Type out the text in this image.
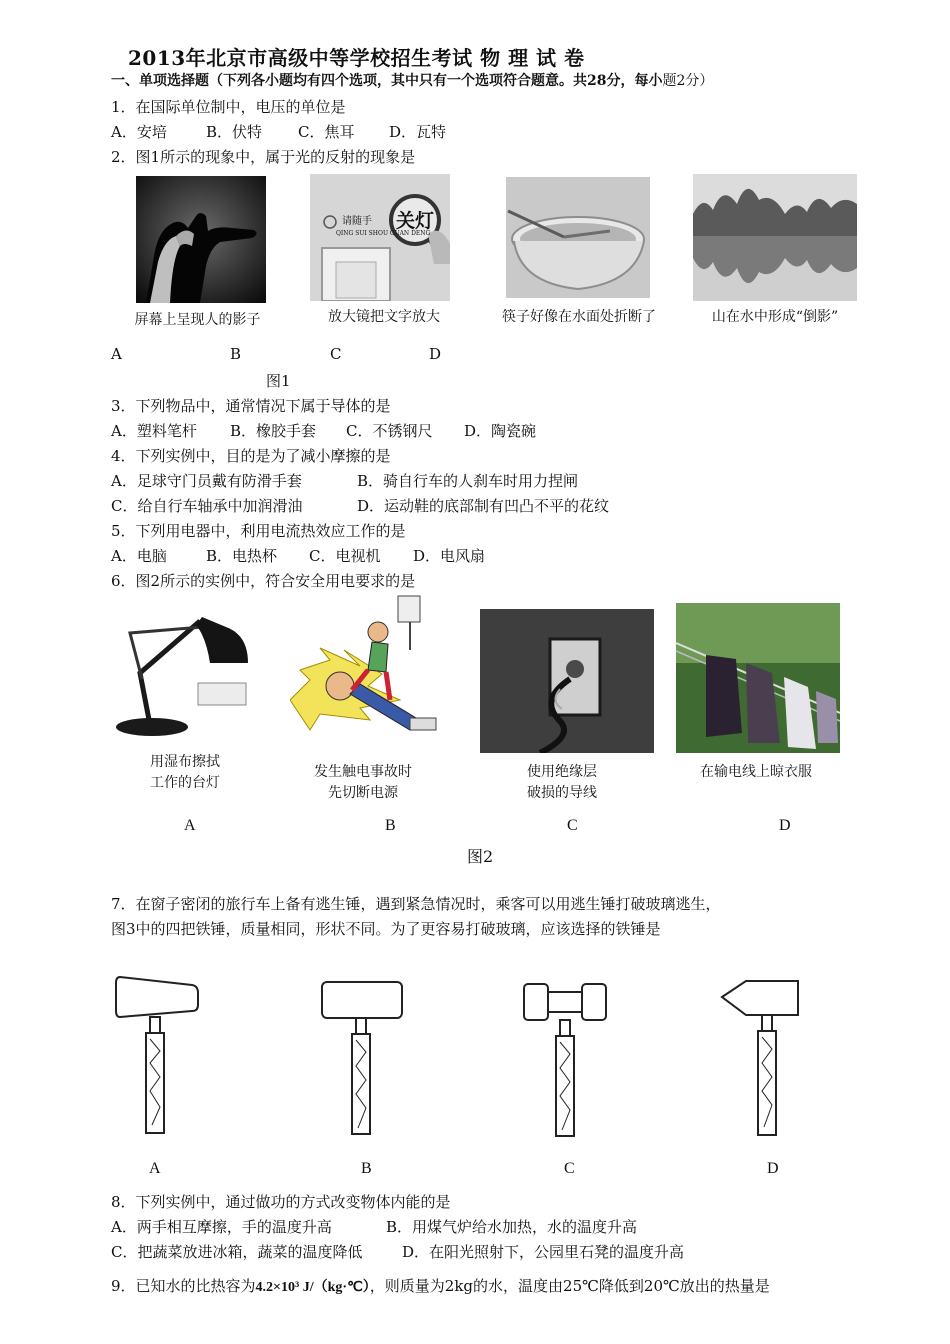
2013年北京市高级中等学校招生考试 物 理 试 卷
一、单项选择题（下列各小题均有四个选项，其中只有一个选项符合题意。共28分，每小题2分）
1．在国际单位制中，电压的单位是
A．安培	B．伏特 C．焦耳 D．瓦特
2．图1所示的现象中，属于光的反射的现象是
请随手 关灯
QING SUI SHOU GUAN DENG
屏幕上呈现人的影子	放大镜把文字放大	筷子好像在水面处折断了	山在水中形成“倒影”
A	B	C	D
图1
3．下列物品中，通常情况下属于导体的是
A．塑料笔杆 B．橡胶手套 C．不锈钢尺 D．陶瓷碗
4．下列实例中，目的是为了减小摩擦的是
A．足球守门员戴有防滑手套	B．骑自行车的人刹车时用力捏闸
C．给自行车轴承中加润滑油	D．运动鞋的底部制有凹凸不平的花纹
5．下列用电器中，利用电流热效应工作的是
A．电脑	B．电热杯 C．电视机 D．电风扇
6．图2所示的实例中，符合安全用电要求的是
用湿布擦拭
工作的台灯
发生触电事故时
先切断电源
使用绝缘层
破损的导线
在输电线上晾衣服
A	B	C	D
图2
7．在窗子密闭的旅行车上备有逃生锤，遇到紧急情况时，乘客可以用逃生锤打破玻璃逃生，
图3中的四把铁锤，质量相同，形状不同。为了更容易打破玻璃，应该选择的铁锤是
A	B	C	D
8．下列实例中，通过做功的方式改变物体内能的是
A．两手相互摩擦，手的温度升高	B．用煤气炉给水加热，水的温度升高
C．把蔬菜放进冰箱，蔬菜的温度降低	D．在阳光照射下，公园里石凳的温度升高
9．已知水的比热容为4.2×10³ J/（kg·℃），则质量为2kg的水，温度由25℃降低到20℃放出的热量是
